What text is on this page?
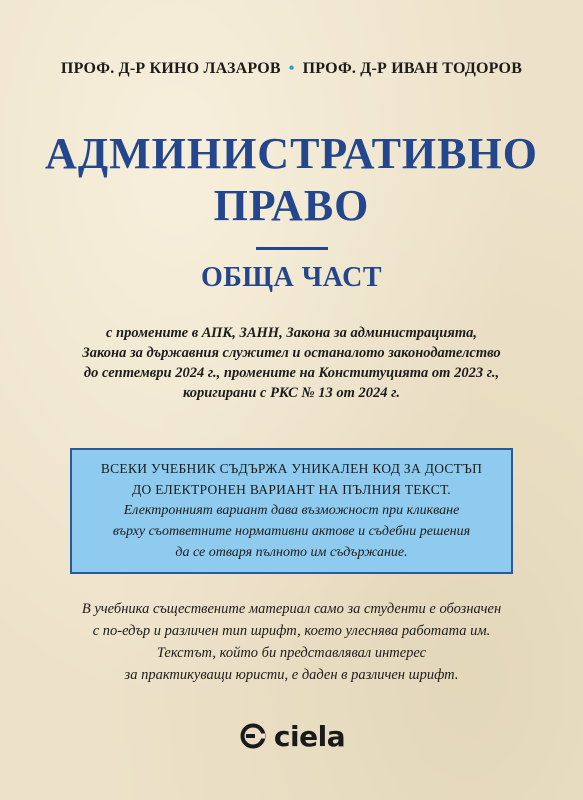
ПРОФ. Д-Р КИНО ЛАЗАРОВ • ПРОФ. Д-Р ИВАН ТОДОРОВ
АДМИНИСТРАТИВНО
ПРАВО
ОБЩА ЧАСТ
с промените в АПК, ЗАНН, Закона за администрацията,
Закона за държавния служител и останалото законодателство
до септември 2024 г., промените на Конституцията от 2023 г.,
коригирани с РКС № 13 от 2024 г.
ВСЕКИ УЧЕБНИК СЪДЪРЖА УНИКАЛЕН КОД ЗА ДОСТЪП
ДО ЕЛЕКТРОНЕН ВАРИАНТ НА ПЪЛНИЯ ТЕКСТ.
Електронният вариант дава възможност при кликване
върху съответните нормативни актове и съдебни решения
да се отваря пълното им съдържание.
В учебника съществените материал само за студенти е обозначен
с по-едър и различен тип шрифт, което улеснява работата им.
Текстът, който би представлявал интерес
за практикуващи юристи, е даден в различен шрифт.
ciela
